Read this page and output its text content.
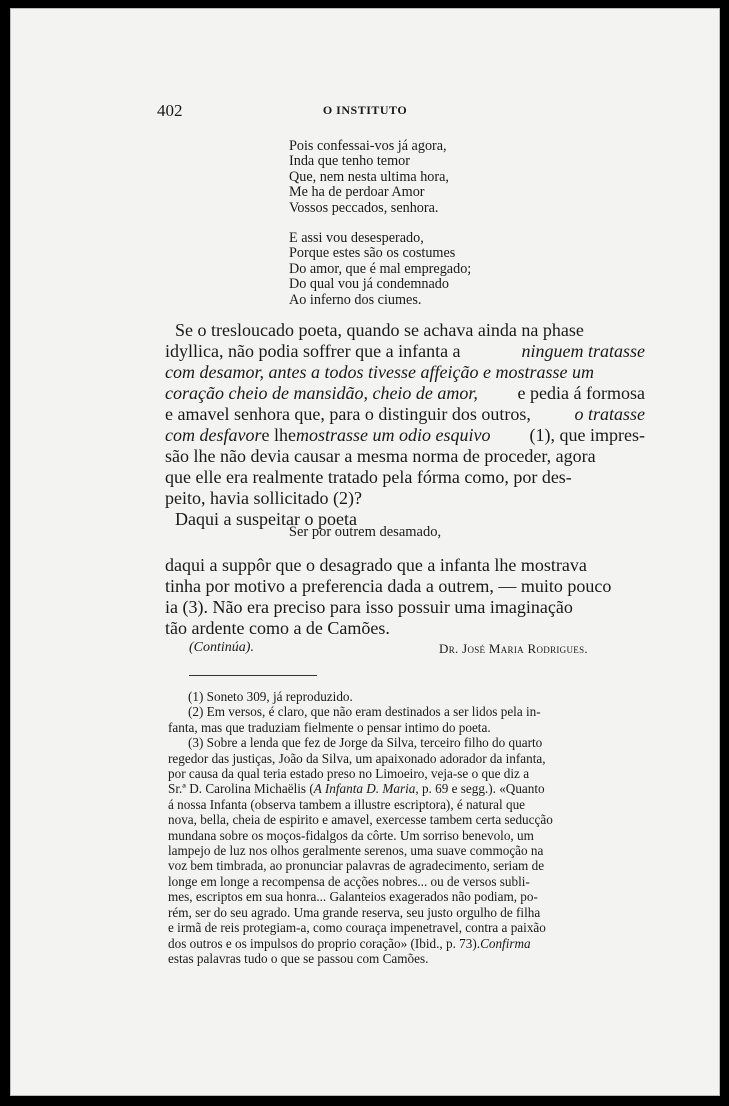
402	O INSTITUTO
Pois confessai-vos já agora,
Inda que tenho temor
Que, nem nesta ultima hora,
Me ha de perdoar Amor
Vossos peccados, senhora.
E assi vou desesperado,
Porque estes são os costumes
Do amor, que é mal empregado;
Do qual vou já condemnado
Ao inferno dos ciumes.
Se o tresloucado poeta, quando se achava ainda na phase
idyllica, não podia soffrer que a infanta a	ninguem tratasse
com desamor, antes a todos tivesse affeição e mostrasse um
coração cheio de mansidão, cheio de amor, e pedia á formosa
e amavel senhora que, para o distinguir dos outros, o tratasse
com desfavore lhemostrasse um odio esquivo (1), que impres-
são lhe não devia causar a mesma norma de proceder, agora
que elle era realmente tratado pela fórma como, por des-
peito, havia sollicitado (2)?
Daqui a suspeitar o poeta
Ser por outrem desamado,
daqui a suppôr que o desagrado que a infanta lhe mostrava
tinha por motivo a preferencia dada a outrem, — muito pouco
ia (3). Não era preciso para isso possuir uma imaginação
tão ardente como a de Camões.
(Continúa).	Dr. José Maria Rodrigues.
(1) Soneto 309, já reproduzido.
(2) Em versos, é claro, que não eram destinados a ser lidos pela in-
fanta, mas que traduziam fielmente o pensar intimo do poeta.
(3) Sobre a lenda que fez de Jorge da Silva, terceiro filho do quarto
regedor das justiças, João da Silva, um apaixonado adorador da infanta,
por causa da qual teria estado preso no Limoeiro, veja-se o que diz a
Sr.ª D. Carolina Michaëlis (A Infanta D. Maria, p. 69 e segg.). «Quanto
á nossa Infanta (observa tambem a illustre escriptora), é natural que
nova, bella, cheia de espirito e amavel, exercesse tambem certa seducção
mundana sobre os moços-fidalgos da côrte. Um sorriso benevolo, um
lampejo de luz nos olhos geralmente serenos, uma suave commoção na
voz bem timbrada, ao pronunciar palavras de agradecimento, seriam de
longe em longe a recompensa de acções nobres... ou de versos subli-
mes, escriptos em sua honra... Galanteios exagerados não podiam, po-
rém, ser do seu agrado. Uma grande reserva, seu justo orgulho de filha
e irmã de reis protegiam-a, como couraça impenetravel, contra a paixão
dos outros e os impulsos do proprio coração» (Ibid., p. 73).Confirma
estas palavras tudo o que se passou com Camões.
